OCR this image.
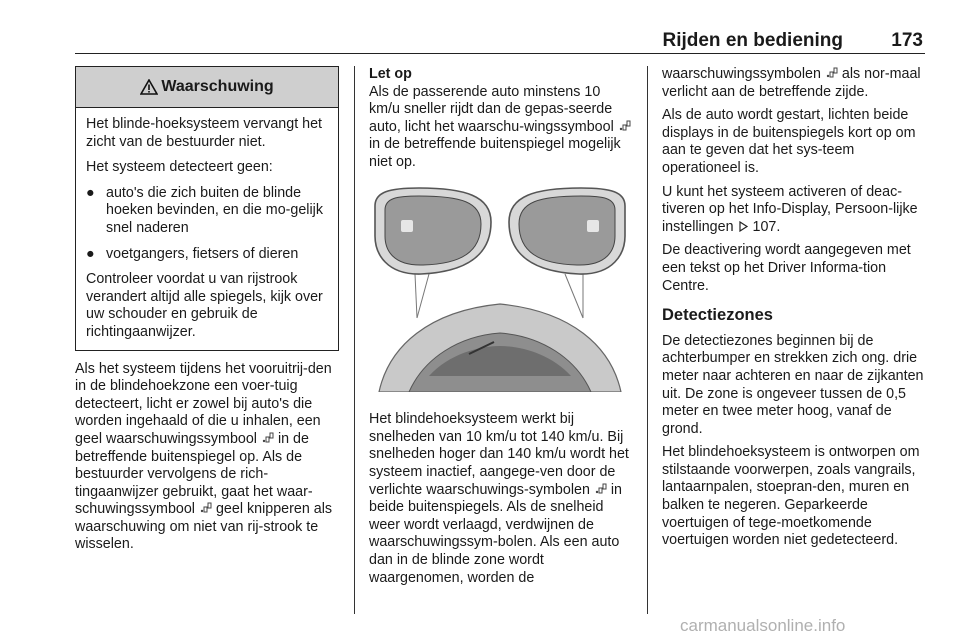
Rijden en bediening	173
Waarschuwing

Het blinde-hoeksysteem vervangt het zicht van de bestuurder niet.

Het systeem detecteert geen:

● auto's die zich buiten de blinde hoeken bevinden, en die mo-gelijk snel naderen
● voetgangers, fietsers of dieren

Controleer voordat u van rijstrook verandert altijd alle spiegels, kijk over uw schouder en gebruik de richtingaanwijzer.

Als het systeem tijdens het vooruitrij-den in de blindehoekzone een voer-tuig detecteert, licht er zowel bij auto's die worden ingehaald of die u inhalen, een geel waarschuwingssymbool in de betreffende buitenspiegel op. Als de bestuurder vervolgens de rich-tingaanwijzer gebruikt, gaat het waar-schuwingssymbool geel knipperen als waarschuwing om niet van rij-strook te wisselen.

Let op

Als de passerende auto minstens 10 km/u sneller rijdt dan de gepas-seerde auto, licht het waarschu-wingssymbool  in de betreffende buitenspiegel mogelijk niet op.

Het blindehoeksysteem werkt bij snelheden van 10 km/u tot 140 km/u. Bij snelheden hoger dan 140 km/u wordt het systeem inactief, aangege-ven door de verlichte waarschuwings-symbolen in beide buitenspiegels. Als de snelheid weer wordt verlaagd, verdwijnen de waarschuwingssym-bolen. Als een auto dan in de blinde zone wordt waargenomen, worden de

waarschuwingssymbolen als nor-maal verlicht aan de betreffende zijde.

Als de auto wordt gestart, lichten beide displays in de buitenspiegels kort op om aan te geven dat het sys-teem operationeel is.

U kunt het systeem activeren of deac-tiveren op het Info-Display, Persoon-lijke instellingen 107.

De deactivering wordt aangegeven met een tekst op het Driver Informa-tion Centre.

Detectiezones

De detectiezones beginnen bij de achterbumper en strekken zich ong. drie meter naar achteren en naar de zijkanten uit. De zone is ongeveer tussen de 0,5 meter en twee meter hoog, vanaf de grond.

Het blindehoeksysteem is ontworpen om stilstaande voorwerpen, zoals vangrails, lantaarnpalen, stoepran-den, muren en balken te negeren. Geparkeerde voertuigen of tege-moetkomende voertuigen worden niet gedetecteerd.

carmanualsonline.info
